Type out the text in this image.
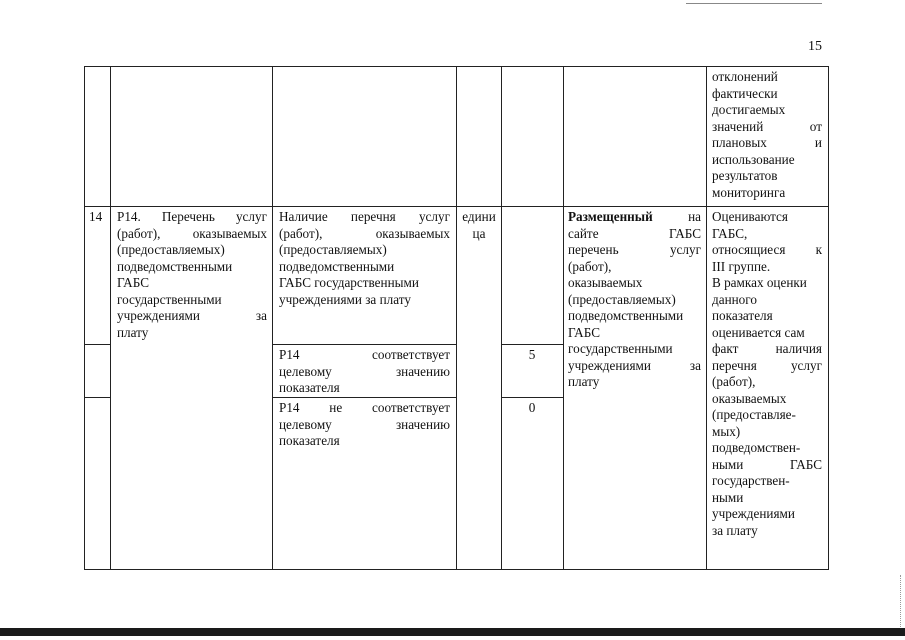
15

отклонений

фактически

достигаемых

значений от

плановых и

использование

результатов

мониторинга

14	Р14. Перечень услуг

(работ), оказываемых

(предоставляемых)

подведомственными

ГАБС

государственными

учреждениями за

плату

Наличие перечня услуг

(работ), оказываемых

(предоставляемых)

подведомственными

ГАБС государственными

учреждениями за плату

Р14 соответствует

целевому значению

показателя

Р14 не соответствует

целевому значению

показателя

едини

ца

5
0

Размещенный	на

сайте ГАБС

перечень услуг

(работ),

оказываемых

(предоставляемых)

подведомственными

ГАБС

государственными

учреждениями за

плату

Оцениваются

ГАБС,

относящиеся к

III группе.

В рамках оценки

данного

показателя

оценивается сам

факт наличия

перечня услуг

(работ),

оказываемых

(предоставляе-

мых)

подведомствен-

ными ГАБС

государствен-

ными

учреждениями

за плату
